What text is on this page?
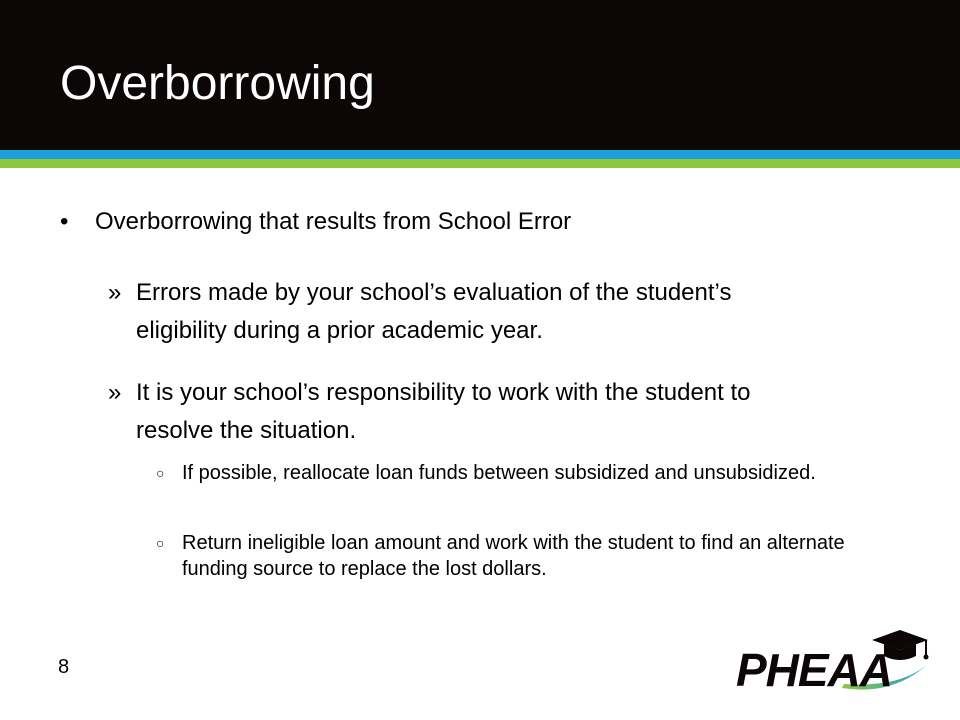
Overborrowing
• Overborrowing that results from School Error
» Errors made by your school’s evaluation of the student’s eligibility during a prior academic year.
» It is your school’s responsibility to work with the student to resolve the situation.
○ If possible, reallocate loan funds between subsidized and unsubsidized.
○ Return ineligible loan amount and work with the student to find an alternate funding source to replace the lost dollars.
8	PHEAA
